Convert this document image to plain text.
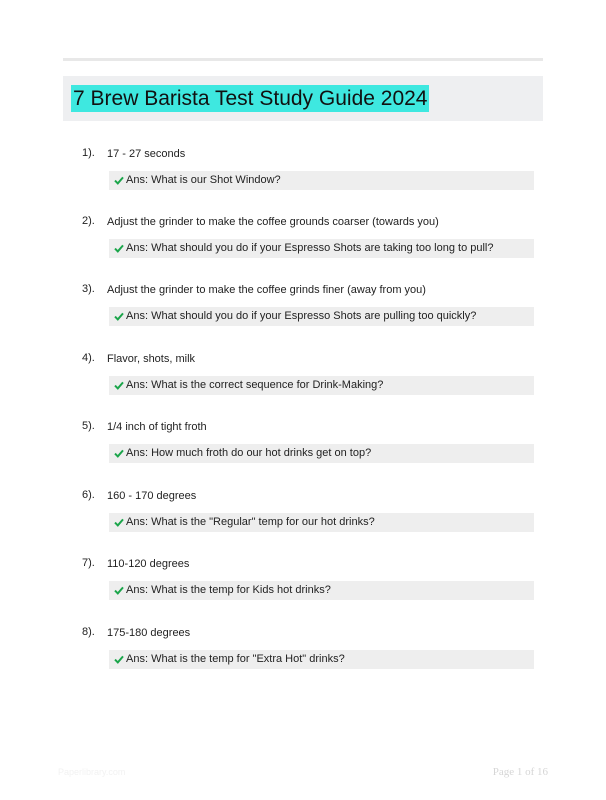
7 Brew Barista Test Study Guide 2024
1). 17 - 27 seconds
Ans: What is our Shot Window?
2). Adjust the grinder to make the coffee grounds coarser (towards you)
Ans: What should you do if your Espresso Shots are taking too long to pull?
3). Adjust the grinder to make the coffee grinds finer (away from you)
Ans: What should you do if your Espresso Shots are pulling too quickly?
4). Flavor, shots, milk
Ans: What is the correct sequence for Drink-Making?
5). 1/4 inch of tight froth
Ans: How much froth do our hot drinks get on top?
6). 160 - 170 degrees
Ans: What is the "Regular" temp for our hot drinks?
7). 110-120 degrees
Ans: What is the temp for Kids hot drinks?
8). 175-180 degrees
Ans: What is the temp for "Extra Hot" drinks?
Paperlibrary.com	Page 1 of 16
